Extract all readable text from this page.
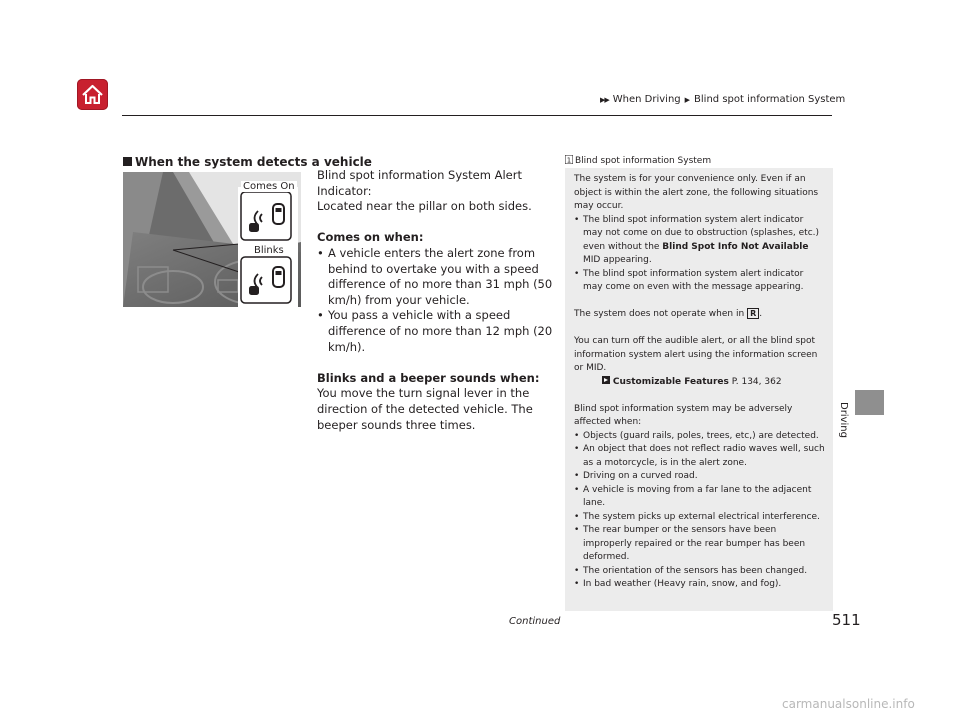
▶▶ When Driving ▶ Blind spot information System
Driving
When the system detects a vehicle
Comes On
Blinks

Blind spot information System Alert Indicator:

Located near the pillar on both sides.

Comes on when:

• A vehicle enters the alert zone from behind to overtake you with a speed difference of no more than 31 mph (50 km/h) from your vehicle.
• You pass a vehicle with a speed difference of no more than 12 mph (20 km/h).

Blinks and a beeper sounds when:

You move the turn signal lever in the direction of the detected vehicle. The beeper sounds three times.

1 Blind spot information System

The system is for your convenience only. Even if an object is within the alert zone, the following situations may occur.

• The blind spot information system alert indicator may not come on due to obstruction (splashes, etc.) even without the Blind Spot Info Not Available MID appearing.
• The blind spot information system alert indicator may come on even with the message appearing.

The system does not operate when in R .

You can turn off the audible alert, or all the blind spot information system alert using the information screen or MID.

Customizable Features P. 134, 362

Blind spot information system may be adversely affected when:

• Objects (guard rails, poles, trees, etc,) are detected.
• An object that does not reflect radio waves well, such as a motorcycle, is in the alert zone.
• Driving on a curved road.
• A vehicle is moving from a far lane to the adjacent lane.
• The system picks up external electrical interference.
• The rear bumper or the sensors have been improperly repaired or the rear bumper has been deformed.
• The orientation of the sensors has been changed.
• In bad weather (Heavy rain, snow, and fog).
Continued	511
carmanualsonline.info
